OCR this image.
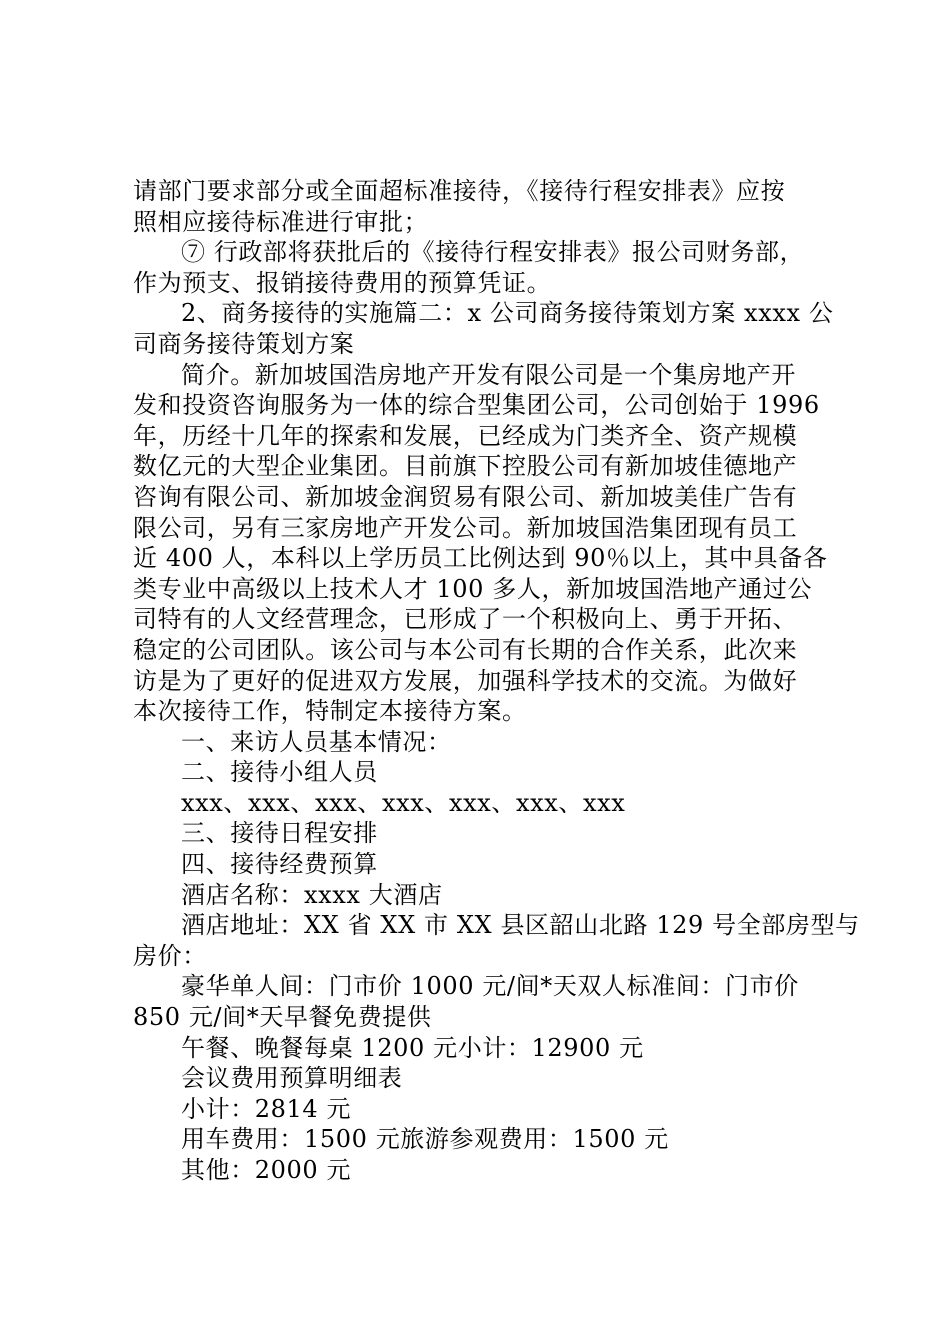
请部门要求部分或全面超标准接待，《接待行程安排表》应按
照相应接待标准进行审批；
⑦ 行政部将获批后的《接待行程安排表》报公司财务部，
作为预支、报销接待费用的预算凭证。
2、商务接待的实施篇二：x 公司商务接待策划方案 xxxx 公
司商务接待策划方案
简介。新加坡国浩房地产开发有限公司是一个集房地产开
发和投资咨询服务为一体的综合型集团公司，公司创始于 1996
年，历经十几年的探索和发展，已经成为门类齐全、资产规模
数亿元的大型企业集团。目前旗下控股公司有新加坡佳德地产
咨询有限公司、新加坡金润贸易有限公司、新加坡美佳广告有
限公司，另有三家房地产开发公司。新加坡国浩集团现有员工
近 400 人，本科以上学历员工比例达到 90％以上，其中具备各
类专业中高级以上技术人才 100 多人，新加坡国浩地产通过公
司特有的人文经营理念，已形成了一个积极向上、勇于开拓、
稳定的公司团队。该公司与本公司有长期的合作关系，此次来
访是为了更好的促进双方发展，加强科学技术的交流。为做好
本次接待工作，特制定本接待方案。
一、来访人员基本情况：
二、接待小组人员
xxx、xxx、xxx、xxx、xxx、xxx、xxx
三、接待日程安排
四、接待经费预算
酒店名称：xxxx 大酒店
酒店地址：XX 省 XX 市 XX 县区韶山北路 129 号全部房型与
房价：
豪华单人间：门市价 1000 元/间*天双人标准间：门市价
850 元/间*天早餐免费提供
午餐、晚餐每桌 1200 元小计：12900 元
会议费用预算明细表
小计：2814 元
用车费用：1500 元旅游参观费用：1500 元
其他：2000 元
